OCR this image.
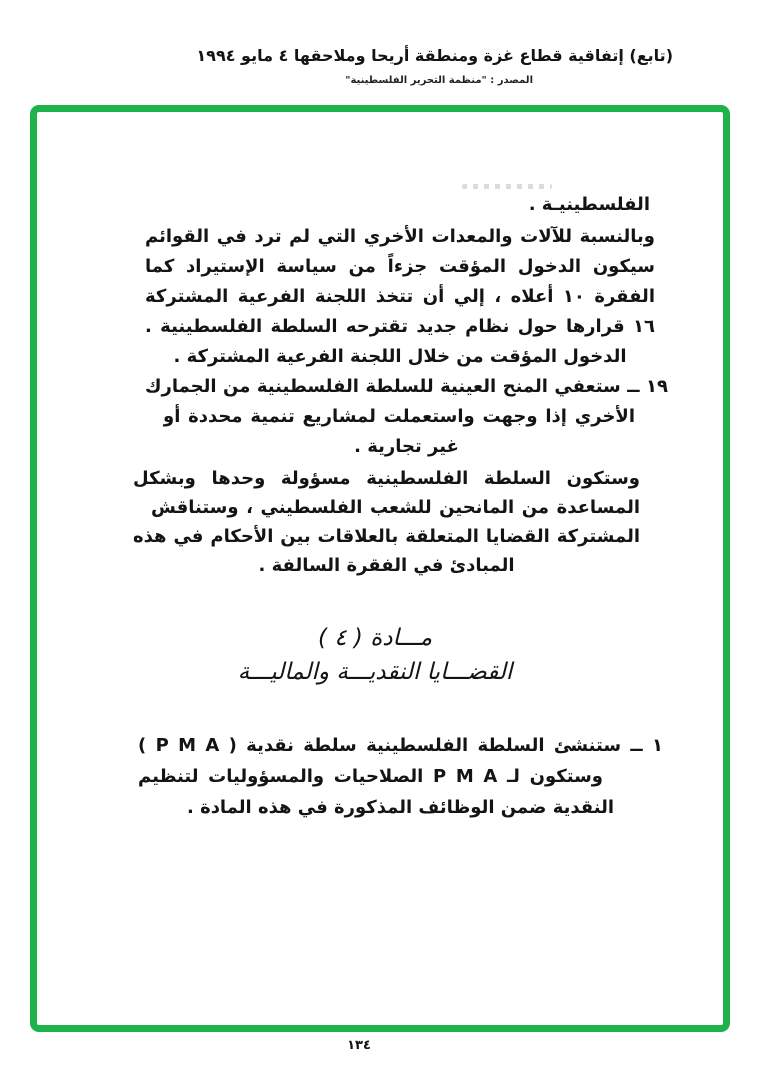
(تابع) إتفاقية قطاع غزة ومنطقة أريحا وملاحقها ٤ مايو ١٩٩٤
المصدر : "منظمة التحرير الفلسطينية"
الفلسطينيـة .
وبالنسبة للآلات والمعدات الأخري التي لم ترد في القوائم
سيكون الدخول المؤقت جزءاً من سياسة الإستيراد كما
الفقرة ١٠ أعلاه ، إلي أن تتخذ اللجنة الفرعية المشتركة
١٦ قرارها حول نظام جديد تقترحه السلطة الفلسطينية .
الدخول المؤقت من خلال اللجنة الفرعية المشتركة .
١٩ ــ ستعفي المنح العينية للسلطة الفلسطينية من الجمارك
الأخري إذا وجهت واستعملت لمشاريع تنمية محددة أو
غير تجارية .
وستكون السلطة الفلسطينية مسؤولة وحدها وبشكل
المساعدة من المانحين للشعب الفلسطيني ، وستناقش
المشتركة القضايا المتعلقة بالعلاقات بين الأحكام في هذه
المبادئ في الفقرة السالفة .
مـــادة ( ٤ )
القضـــايا النقديـــة والماليـــة
١ ــ ستنشئ السلطة الفلسطينية سلطة نقدية ( P M A )
وستكون لـ P M A الصلاحيات والمسؤوليات لتنظيم
النقدية ضمن الوظائف المذكورة في هذه المادة .
١٣٤
